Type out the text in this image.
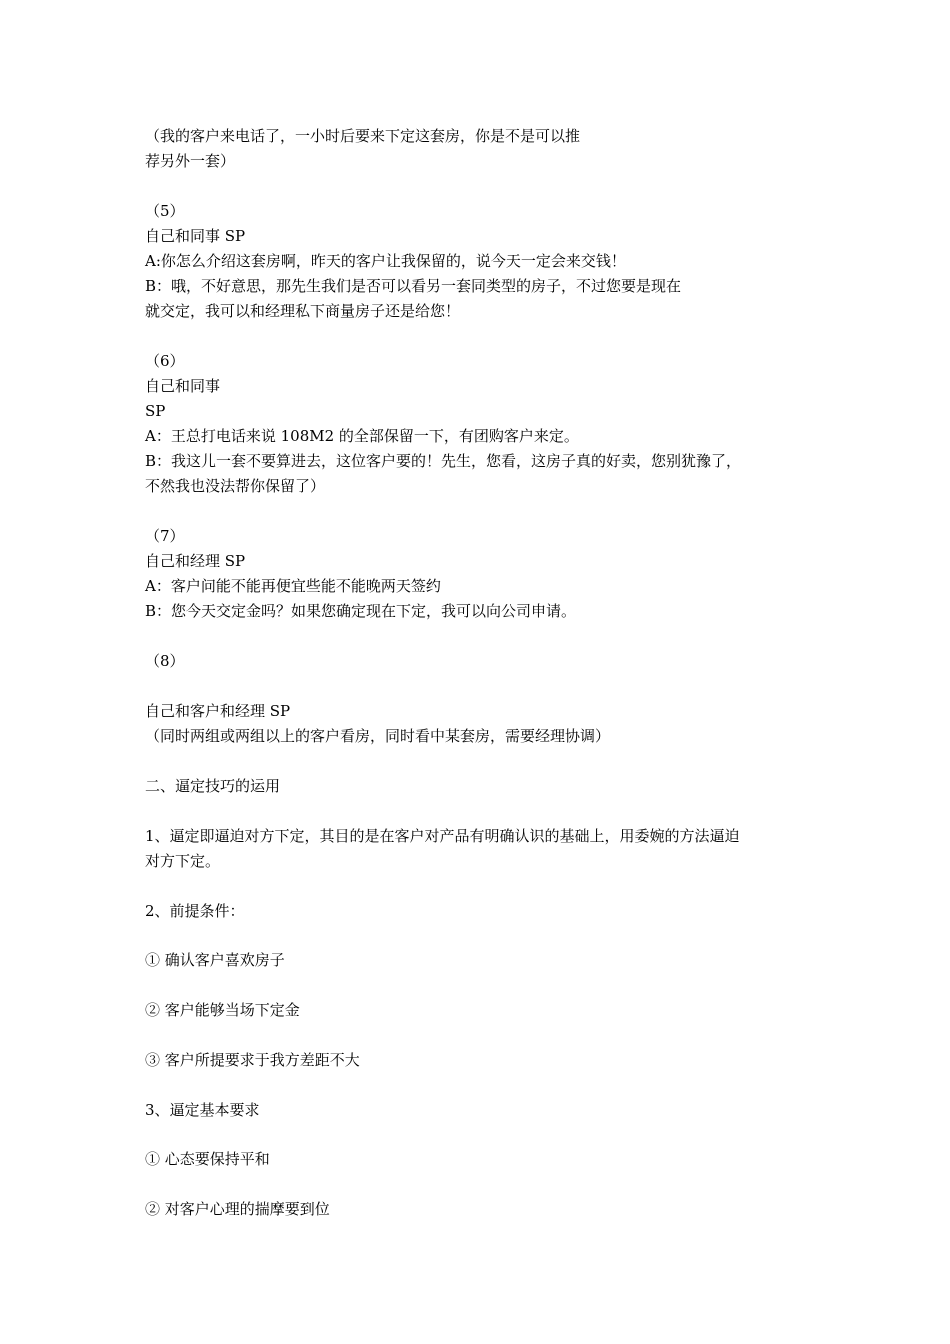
（我的客户来电话了，一小时后要来下定这套房，你是不是可以推
荐另外一套）
（5）
自己和同事 SP
A:你怎么介绍这套房啊，昨天的客户让我保留的，说今天一定会来交钱！
B：哦，不好意思，那先生我们是否可以看另一套同类型的房子，不过您要是现在
就交定，我可以和经理私下商量房子还是给您！
（6）
自己和同事
SP
A：王总打电话来说 108M2 的全部保留一下，有团购客户来定。
B：我这儿一套不要算进去，这位客户要的！先生，您看，这房子真的好卖，您别犹豫了，
不然我也没法帮你保留了）
（7）
自己和经理 SP
A：客户问能不能再便宜些能不能晚两天签约
B：您今天交定金吗？如果您确定现在下定，我可以向公司申请。
（8）
自己和客户和经理 SP
（同时两组或两组以上的客户看房，同时看中某套房，需要经理协调）
二、逼定技巧的运用
1、逼定即逼迫对方下定，其目的是在客户对产品有明确认识的基础上，用委婉的方法逼迫
对方下定。
2、前提条件：
① 确认客户喜欢房子
② 客户能够当场下定金
③ 客户所提要求于我方差距不大
3、逼定基本要求
① 心态要保持平和
② 对客户心理的揣摩要到位
